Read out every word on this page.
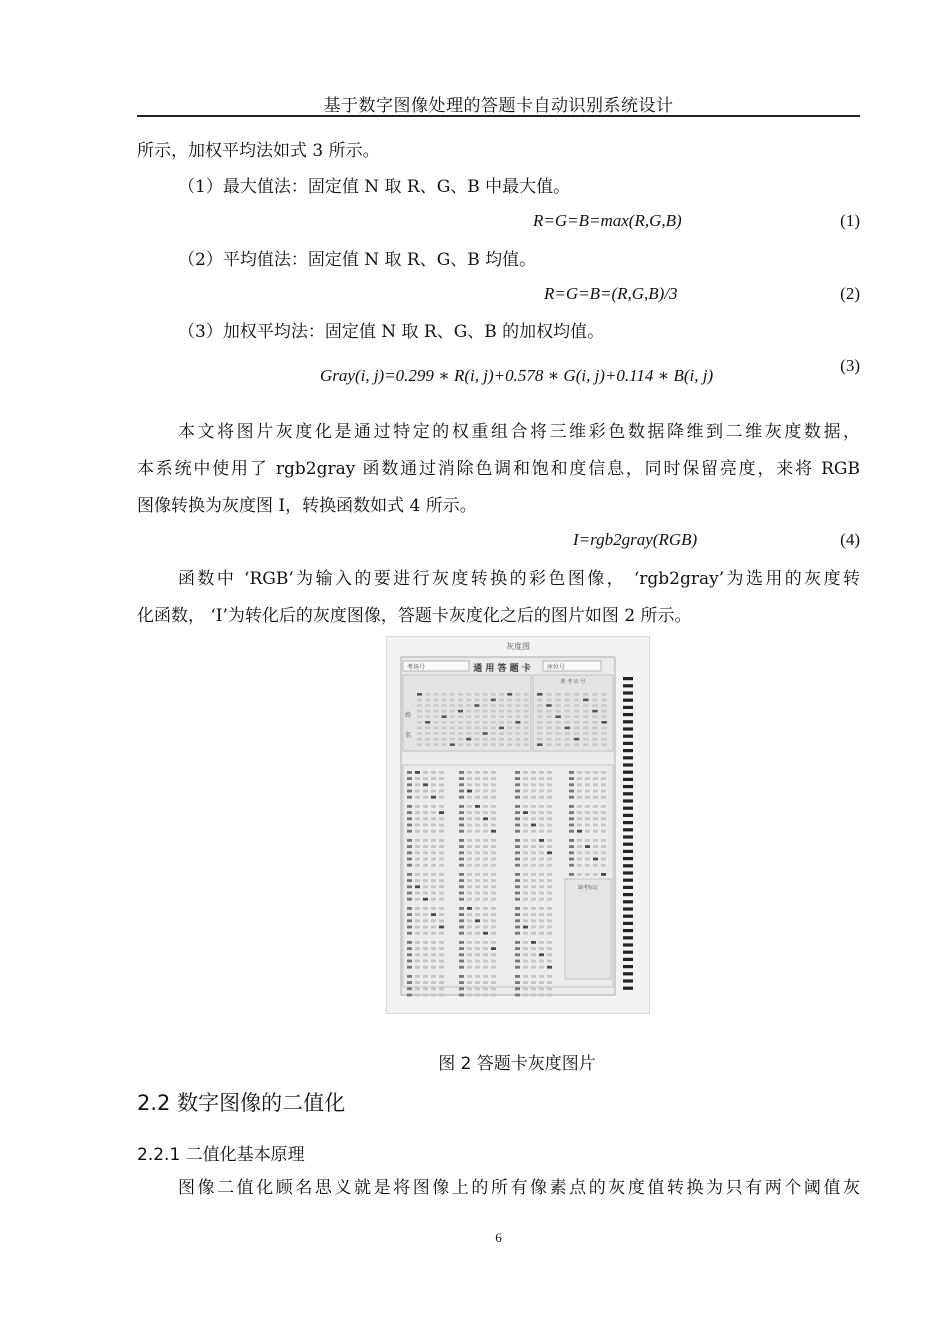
基于数字图像处理的答题卡自动识别系统设计
所示，加权平均法如式 3 所示。
（1）最大值法：固定值 N 取 R、G、B 中最大值。
R=G=B=max(R,G,B)	(1)
（2）平均值法：固定值 N 取 R、G、B 均值。
R=G=B=(R,G,B)/3	(2)
（3）加权平均法：固定值 N 取 R、G、B 的加权均值。
Gray(i, j)=0.299 ∗ R(i, j)+0.578 ∗ G(i, j)+0.114 ∗ B(i, j)
(3)
本文将图片灰度化是通过特定的权重组合将三维彩色数据降维到二维灰度数据，
本系统中使用了 rgb2gray 函数通过消除色调和饱和度信息，同时保留亮度，来将 RGB
图像转换为灰度图 I，转换函数如式 4 所示。
I=rgb2gray(RGB)	(4)
函数中 ‘RGB’为输入的要进行灰度转换的彩色图像， ‘rgb2gray’为选用的灰度转
化函数， ‘I’为转化后的灰度图像，答题卡灰度化之后的图片如图 2 所示。
灰度图
考场号	通 用 答 题 卡	座位号
姓
名
准 考 证 号
缺考标记
图 2 答题卡灰度图片
2.2 数字图像的二值化
2.2.1 二值化基本原理
图像二值化顾名思义就是将图像上的所有像素点的灰度值转换为只有两个阈值灰
6
